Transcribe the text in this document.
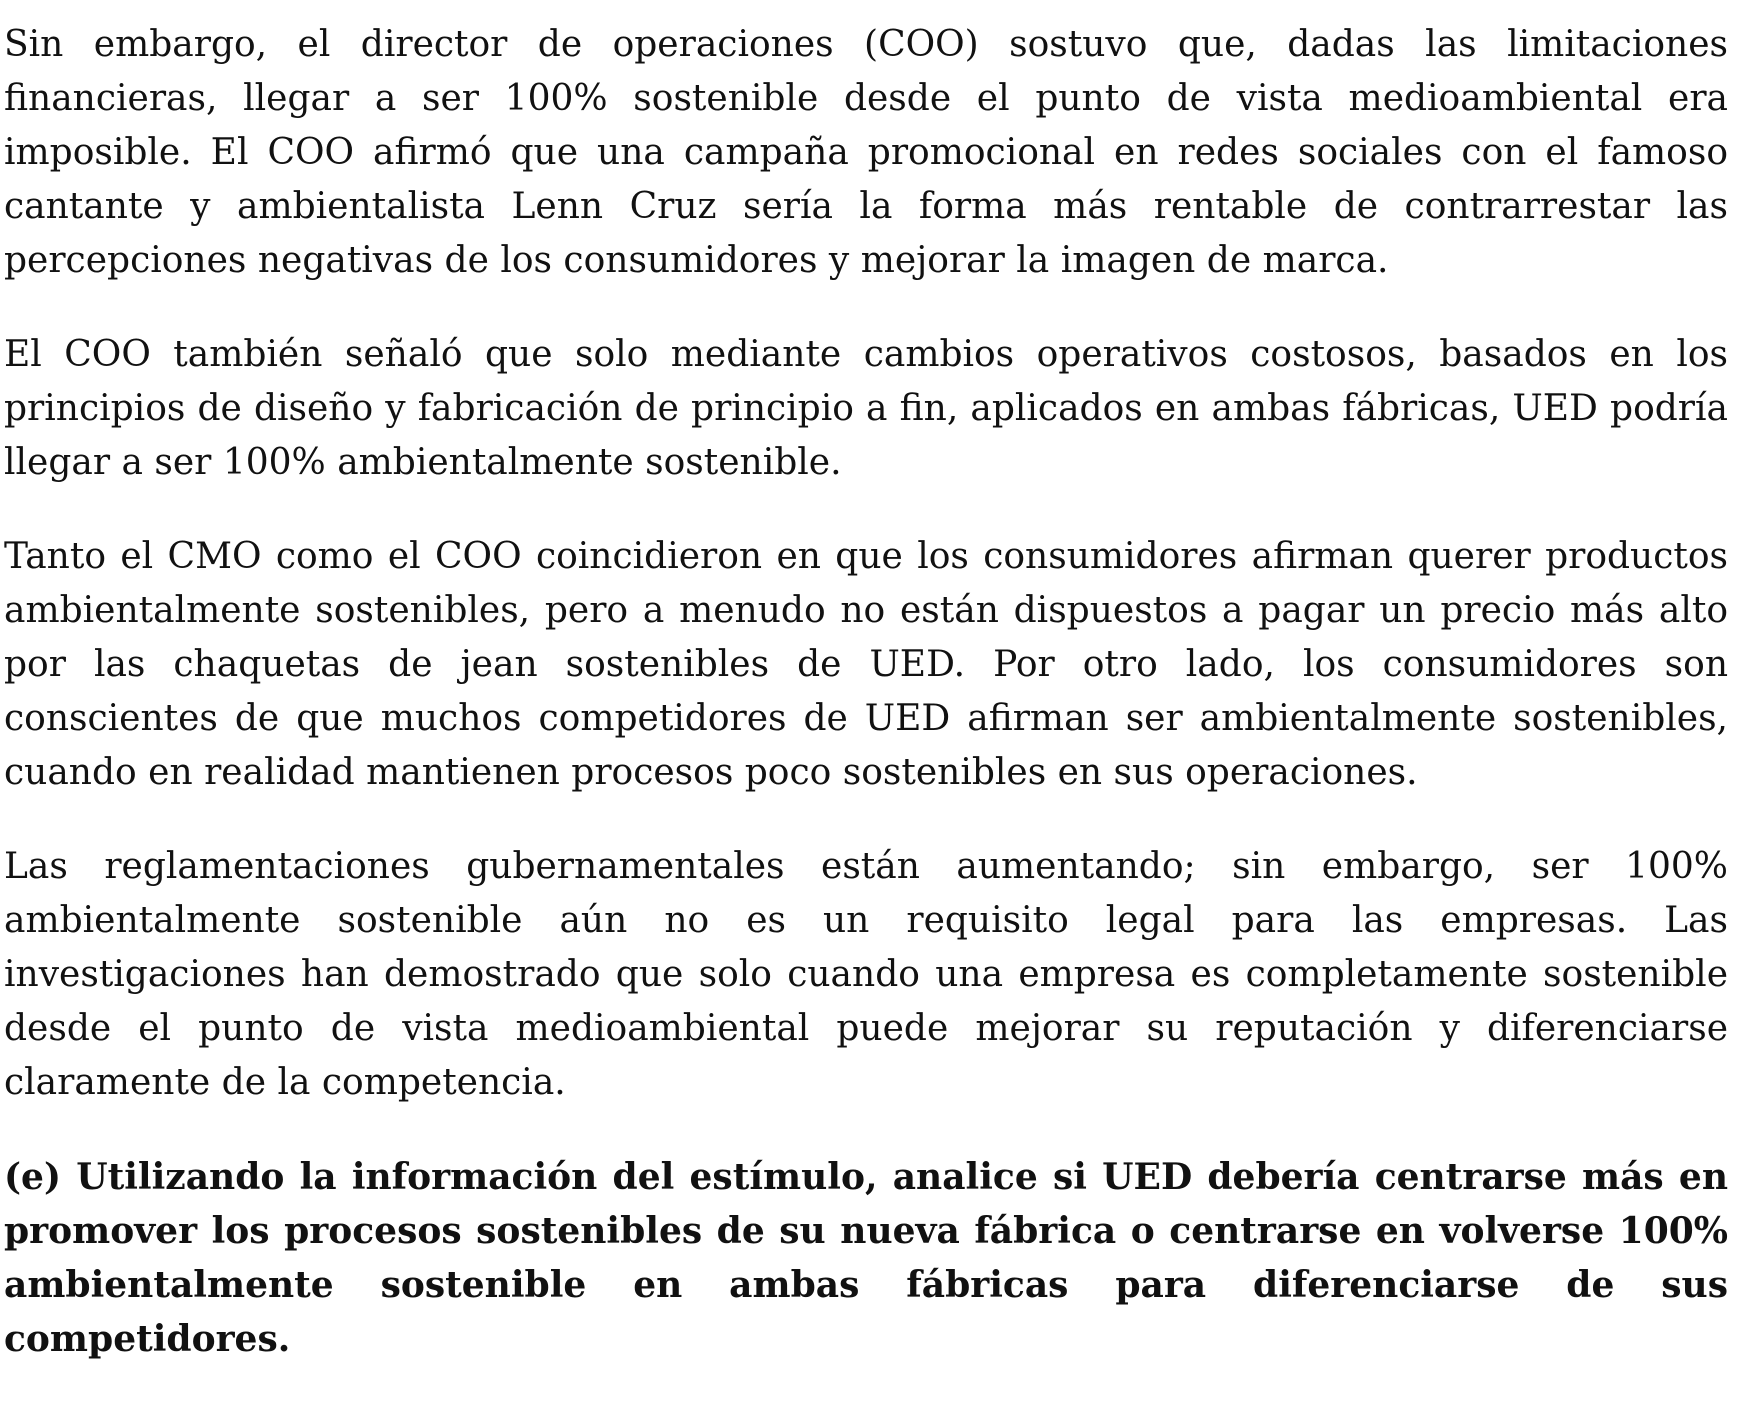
Sin embargo, el director de operaciones (COO) sostuvo que, dadas las limitaciones financieras, llegar a ser 100% sostenible desde el punto de vista medioambiental era imposible. El COO afirmó que una campaña promocional en redes sociales con el famoso cantante y ambientalista Lenn Cruz sería la forma más rentable de contrarrestar las percepciones negativas de los consumidores y mejorar la imagen de marca.

El COO también señaló que solo mediante cambios operativos costosos, basados en los principios de diseño y fabricación de principio a fin, aplicados en ambas fábricas, UED podría llegar a ser 100% ambientalmente sostenible.

Tanto el CMO como el COO coincidieron en que los consumidores afirman querer productos ambientalmente sostenibles, pero a menudo no están dispuestos a pagar un precio más alto por las chaquetas de jean sostenibles de UED. Por otro lado, los consumidores son conscientes de que muchos competidores de UED afirman ser ambientalmente sostenibles, cuando en realidad mantienen procesos poco sostenibles en sus operaciones.

Las reglamentaciones gubernamentales están aumentando; sin embargo, ser 100% ambientalmente sostenible aún no es un requisito legal para las empresas. Las investigaciones han demostrado que solo cuando una empresa es completamente sostenible desde el punto de vista medioambiental puede mejorar su reputación y diferenciarse claramente de la competencia.

(e) Utilizando la información del estímulo, analice si UED debería centrarse más en promover los procesos sostenibles de su nueva fábrica o centrarse en volverse 100% ambientalmente sostenible en ambas fábricas para diferenciarse de sus competidores.
